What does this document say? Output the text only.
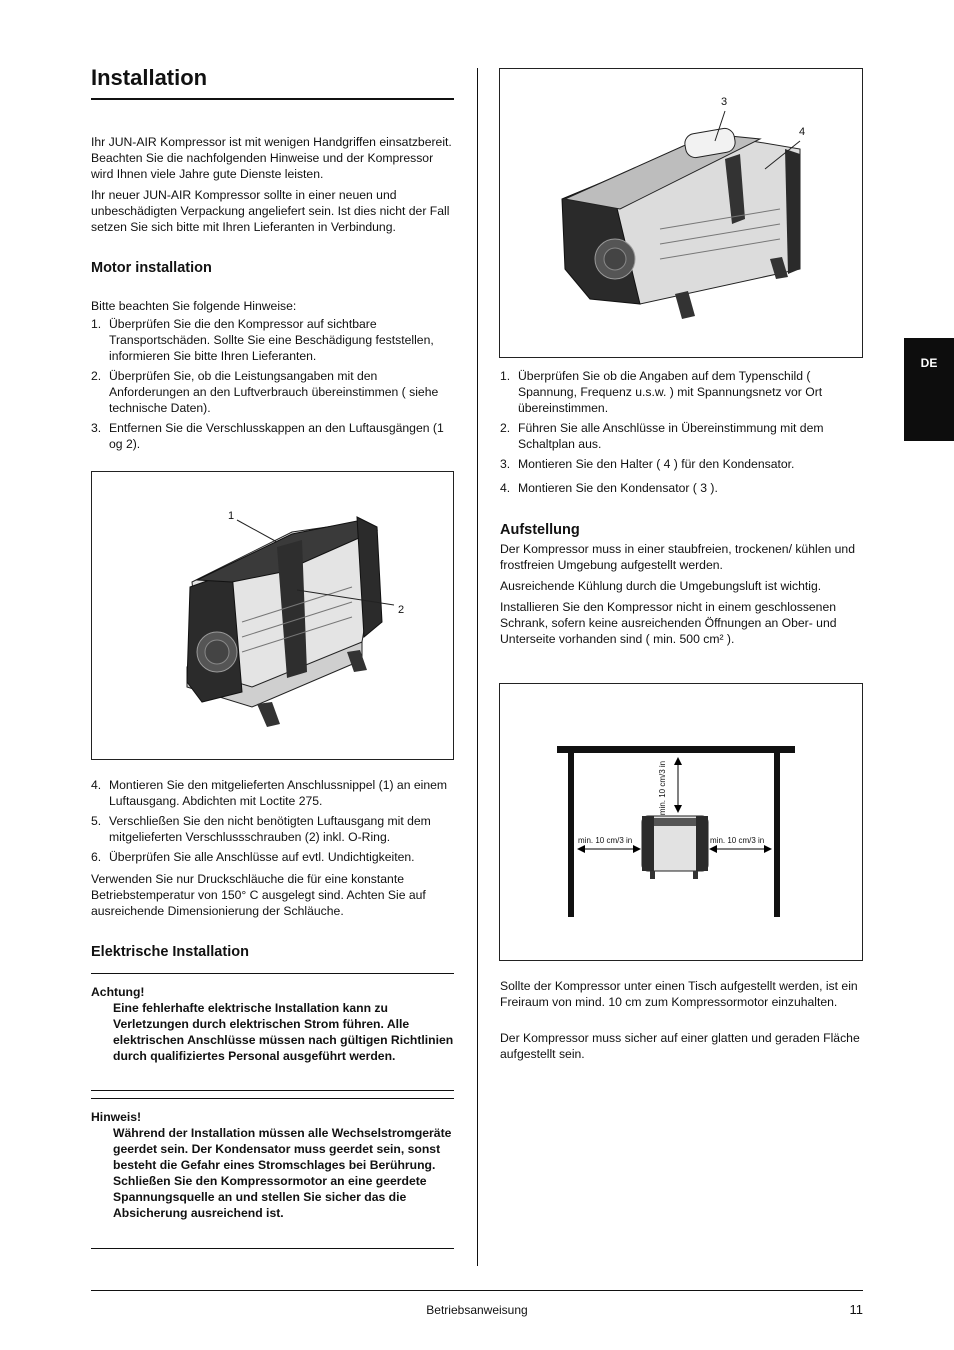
Installation

Ihr JUN-AIR Kompressor ist mit wenigen Handgriffen einsatzbereit. Beachten Sie die nachfolgenden Hinweise und der Kompressor wird Ihnen viele Jahre gute Dienste leisten.

Ihr neuer JUN-AIR Kompressor sollte in einer neuen und unbeschädigten Verpackung angeliefert sein. Ist dies nicht der Fall setzen Sie sich bitte mit Ihren Lieferanten in Verbindung.

Motor installation

Bitte beachten Sie folgende Hinweise:

1. Überprüfen Sie die den Kompressor auf sichtbare Transportschäden. Sollte Sie eine Beschädigung feststellen, informieren Sie bitte Ihren Lieferanten.
2. Überprüfen Sie, ob die Leistungsangaben mit den Anforderungen an den Luftverbrauch übereinstimmen ( siehe technische Daten).
3. Entfernen Sie die Verschlusskappen an den Luftausgängen (1 og 2).
1
2
4. Montieren Sie den mitgelieferten Anschlussnippel (1) an einem Luftausgang. Abdichten mit Loctite 275.
5. Verschließen Sie den nicht benötigten Luftausgang mit dem mitgelieferten Verschlussschrauben (2) inkl. O-Ring.
6. Überprüfen Sie alle Anschlüsse auf evtl. Undichtigkeiten.

Verwenden Sie nur Druckschläuche die für eine konstante Betriebstemperatur von 150° C ausgelegt sind. Achten Sie auf ausreichende Dimensionierung der Schläuche.

Elektrische Installation
Achtung!
Eine fehlerhafte elektrische Installation kann zu Verletzungen durch elektrischen Strom führen. Alle elektrischen Anschlüsse müssen nach gültigen Richtlinien durch qualifiziertes Personal ausgeführt werden.
Hinweis!
Während der Installation müssen alle Wechselstromgeräte geerdet sein. Der Kondensator muss geerdet sein, sonst besteht die Gefahr eines Stromschlages bei Berührung. Schließen Sie den Kompressormotor an eine geerdete Spannungsquelle an und stellen Sie sicher das die Absicherung ausreichend ist.
3
4
1. Überprüfen Sie ob die Angaben auf dem Typenschild ( Spannung, Frequenz u.s.w. ) mit Spannungsnetz vor Ort übereinstimmen.
2. Führen Sie alle Anschlüsse in Übereinstimmung mit dem Schaltplan aus.
3. Montieren Sie den Halter ( 4 ) für den Kondensator.
4. Montieren Sie den Kondensator ( 3 ).
Aufstellung

Der Kompressor muss in einer staubfreien, trockenen/ kühlen und frostfreien Umgebung aufgestellt werden.

Ausreichende Kühlung durch die Umgebungsluft ist wichtig.

Installieren Sie den Kompressor nicht in einem geschlossenen Schrank, sofern keine ausreichenden Öffnungen an Ober- und Unterseite vorhanden sind ( min. 500 cm² ).

min. 10 cm/3 in
min. 10 cm/3 in	min. 10 cm/3 in

Sollte der Kompressor unter einen Tisch aufgestellt werden, ist ein Freiraum von mind. 10 cm zum Kompressormotor einzuhalten.

Der Kompressor muss sicher auf einer glatten und geraden Fläche aufgestellt sein.

DE
Betriebsanweisung	11
